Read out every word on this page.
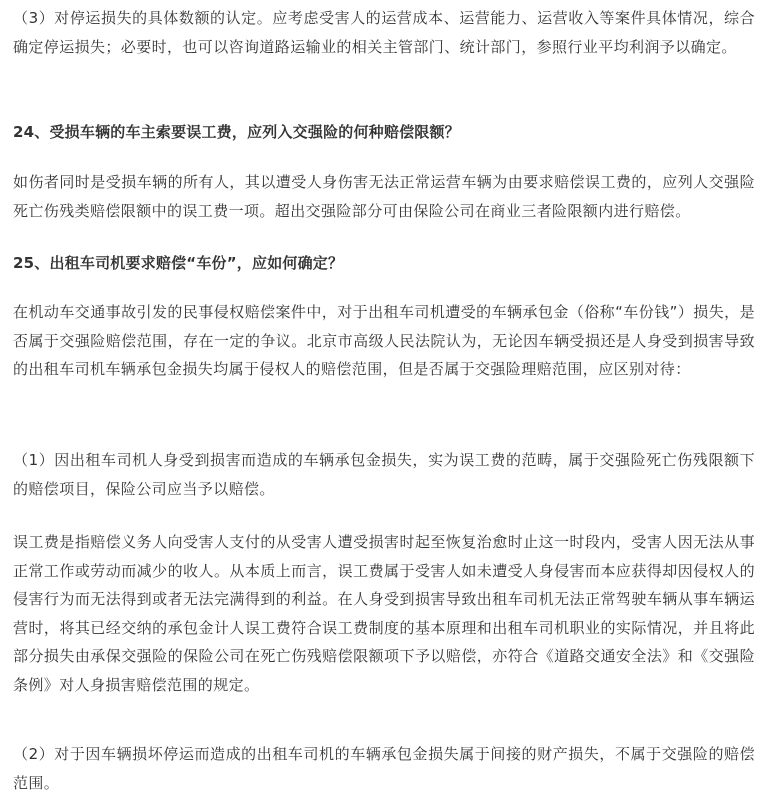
（3）对停运损失的具体数额的认定。应考虑受害人的运营成本、运营能力、运营收入等案件具体情况，综合确定停运损失；必要时，也可以咨询道路运输业的相关主管部门、统计部门，参照行业平均利润予以确定。

24、受损车辆的车主索要误工费，应列入交强险的何种赔偿限额？

如伤者同时是受损车辆的所有人，其以遭受人身伤害无法正常运营车辆为由要求赔偿误工费的，应列人交强险死亡伤残类赔偿限额中的误工费一项。超出交强险部分可由保险公司在商业三者险限额内进行赔偿。

25、出租车司机要求赔偿“车份”，应如何确定？

在机动车交通事故引发的民事侵权赔偿案件中，对于出租车司机遭受的车辆承包金（俗称“车份钱”）损失，是否属于交强险赔偿范围，存在一定的争议。北京市高级人民法院认为，无论因车辆受损还是人身受到损害导致的出租车司机车辆承包金损失均属于侵权人的赔偿范围，但是否属于交强险理赔范围，应区别对待：

（1）因出租车司机人身受到损害而造成的车辆承包金损失，实为误工费的范畴，属于交强险死亡伤残限额下的赔偿项目，保险公司应当予以赔偿。

误工费是指赔偿义务人向受害人支付的从受害人遭受损害时起至恢复治愈时止这一时段内，受害人因无法从事正常工作或劳动而减少的收人。从本质上而言，误工费属于受害人如未遭受人身侵害而本应获得却因侵权人的侵害行为而无法得到或者无法完满得到的利益。在人身受到损害导致出租车司机无法正常驾驶车辆从事车辆运营时，将其已经交纳的承包金计人误工费符合误工费制度的基本原理和出租车司机职业的实际情况，并且将此部分损失由承保交强险的保险公司在死亡伤残赔偿限额项下予以赔偿，亦符合《道路交通安全法》和《交强险条例》对人身损害赔偿范围的规定。

（2）对于因车辆损坏停运而造成的出租车司机的车辆承包金损失属于间接的财产损失，不属于交强险的赔偿范围。
